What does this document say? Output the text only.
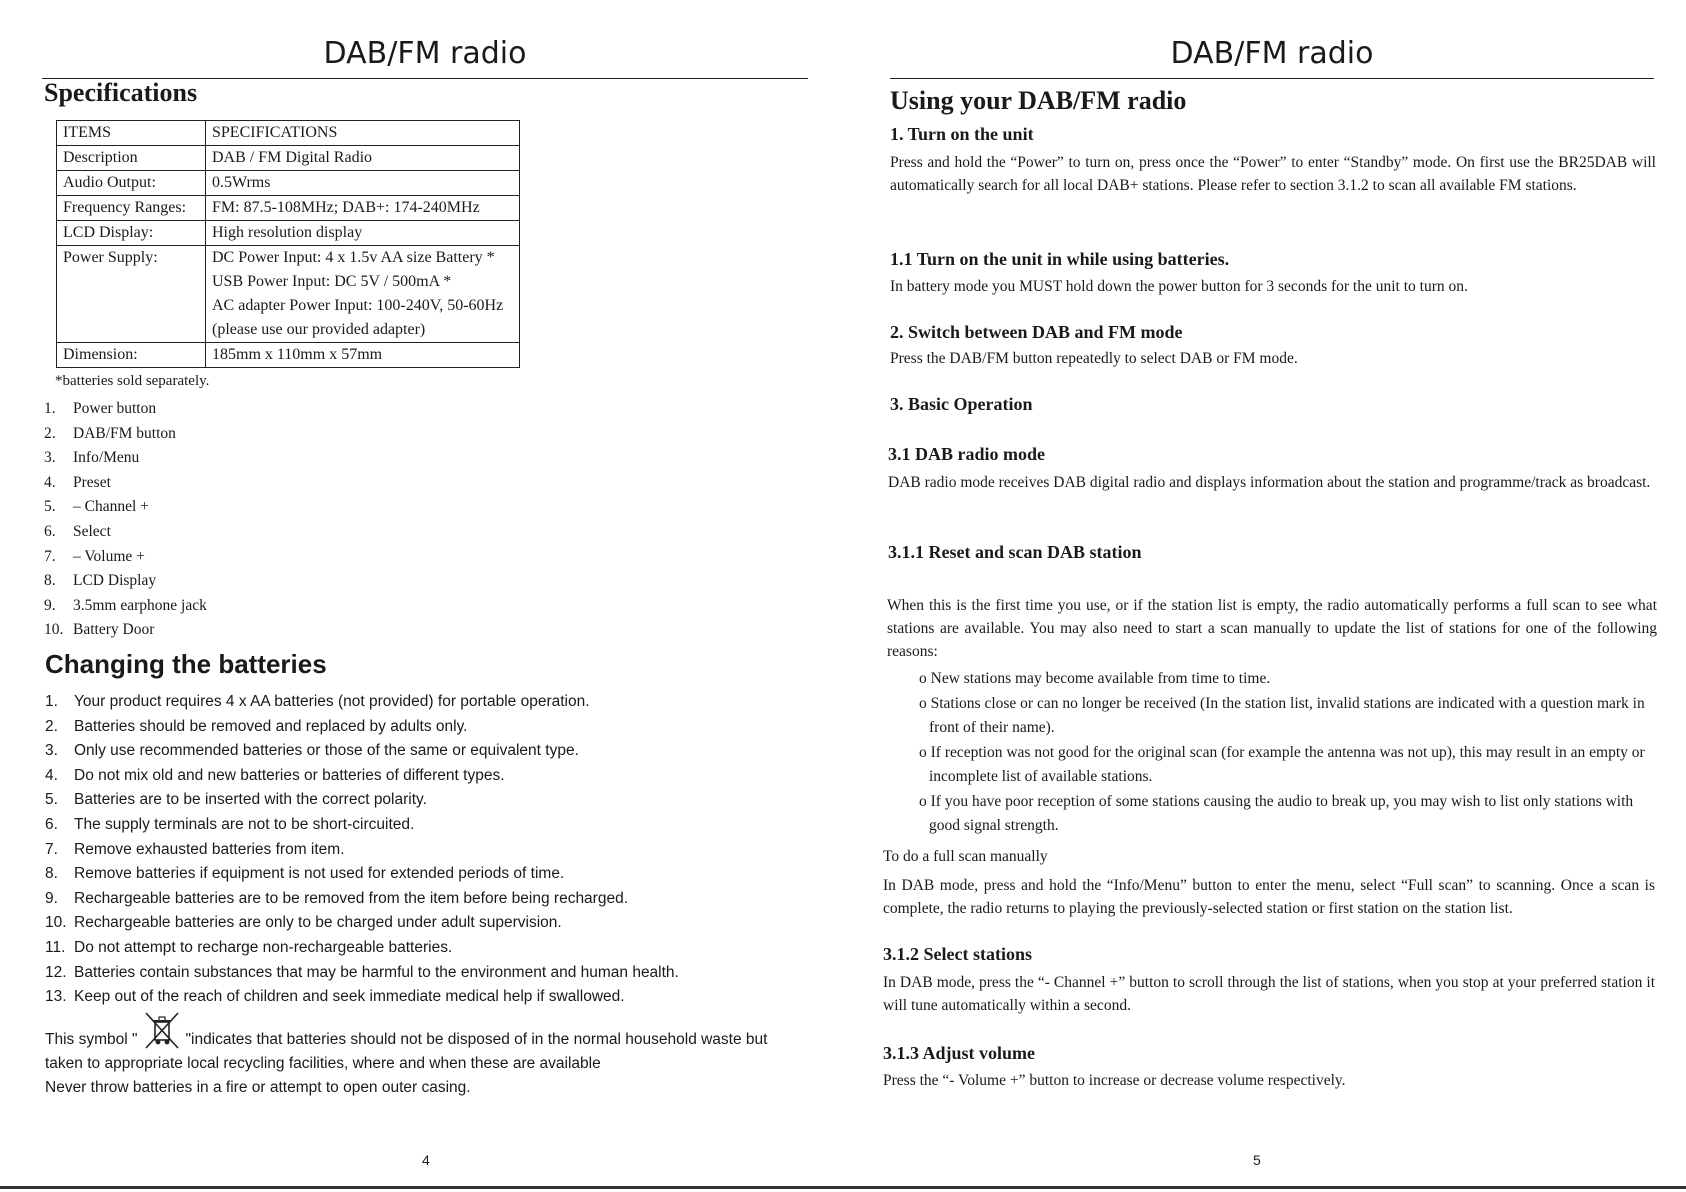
DAB/FM radio
Specifications
ITEMS	SPECIFICATIONS
Description	DAB / FM Digital Radio

Audio Output:	0.5Wrms

Frequency Ranges:	FM: 87.5-108MHz; DAB+: 174-240MHz

LCD Display:	High resolution display

Power Supply:	DC Power Input: 4 x 1.5v AA size Battery *
USB Power Input: DC 5V / 500mA *
AC adapter Power Input: 100-240V, 50-60Hz
(please use our provided adapter)

Dimension:	185mm x 110mm x 57mm
*batteries sold separately.
1. Power button
2. DAB/FM button
3. Info/Menu
4. Preset
5. – Channel +
6. Select
7. – Volume +
8. LCD Display
9. 3.5mm earphone jack
10. Battery Door
Changing the batteries
1. Your product requires 4 x AA batteries (not provided) for portable operation.
2. Batteries should be removed and replaced by adults only.
3. Only use recommended batteries or those of the same or equivalent type.
4. Do not mix old and new batteries or batteries of different types.
5. Batteries are to be inserted with the correct polarity.
6. The supply terminals are not to be short-circuited.
7. Remove exhausted batteries from item.
8. Remove batteries if equipment is not used for extended periods of time.
9. Rechargeable batteries are to be removed from the item before being recharged.
10. Rechargeable batteries are only to be charged under adult supervision.
11. Do not attempt to recharge non-rechargeable batteries.
12. Batteries contain substances that may be harmful to the environment and human health.
13. Keep out of the reach of children and seek immediate medical help if swallowed.
This symbol "	"indicates that batteries should not be disposed of in the normal household waste but
taken to appropriate local recycling facilities, where and when these are available
Never throw batteries in a fire or attempt to open outer casing.
4
DAB/FM radio
Using your DAB/FM radio
1. Turn on the unit

Press and hold the “Power” to turn on, press once the “Power” to enter “Standby” mode. On first use the BR25DAB will automatically search for all local DAB+ stations. Please refer to section 3.1.2 to scan all available FM stations.

1.1 Turn on the unit in while using batteries.

In battery mode you MUST hold down the power button for 3 seconds for the unit to turn on.

2. Switch between DAB and FM mode

Press the DAB/FM button repeatedly to select DAB or FM mode.

3. Basic Operation
3.1 DAB radio mode

DAB radio mode receives DAB digital radio and displays information about the station and programme/track as broadcast.

3.1.1 Reset and scan DAB station

When this is the first time you use, or if the station list is empty, the radio automatically performs a full scan to see what stations are available. You may also need to start a scan manually to update the list of stations for one of the following reasons:

o New stations may become available from time to time.
o Stations close or can no longer be received (In the station list, invalid stations are indicated with a question mark in front of their name).
o If reception was not good for the original scan (for example the antenna was not up), this may result in an empty or incomplete list of available stations.
o If you have poor reception of some stations causing the audio to break up, you may wish to list only stations with good signal strength.

To do a full scan manually

In DAB mode, press and hold the “Info/Menu” button to enter the menu, select “Full scan” to scanning. Once a scan is complete, the radio returns to playing the previously-selected station or first station on the station list.

3.1.2 Select stations

In DAB mode, press the “- Channel +” button to scroll through the list of stations, when you stop at your preferred station it will tune automatically within a second.

3.1.3 Adjust volume

Press the “- Volume +” button to increase or decrease volume respectively.

5
